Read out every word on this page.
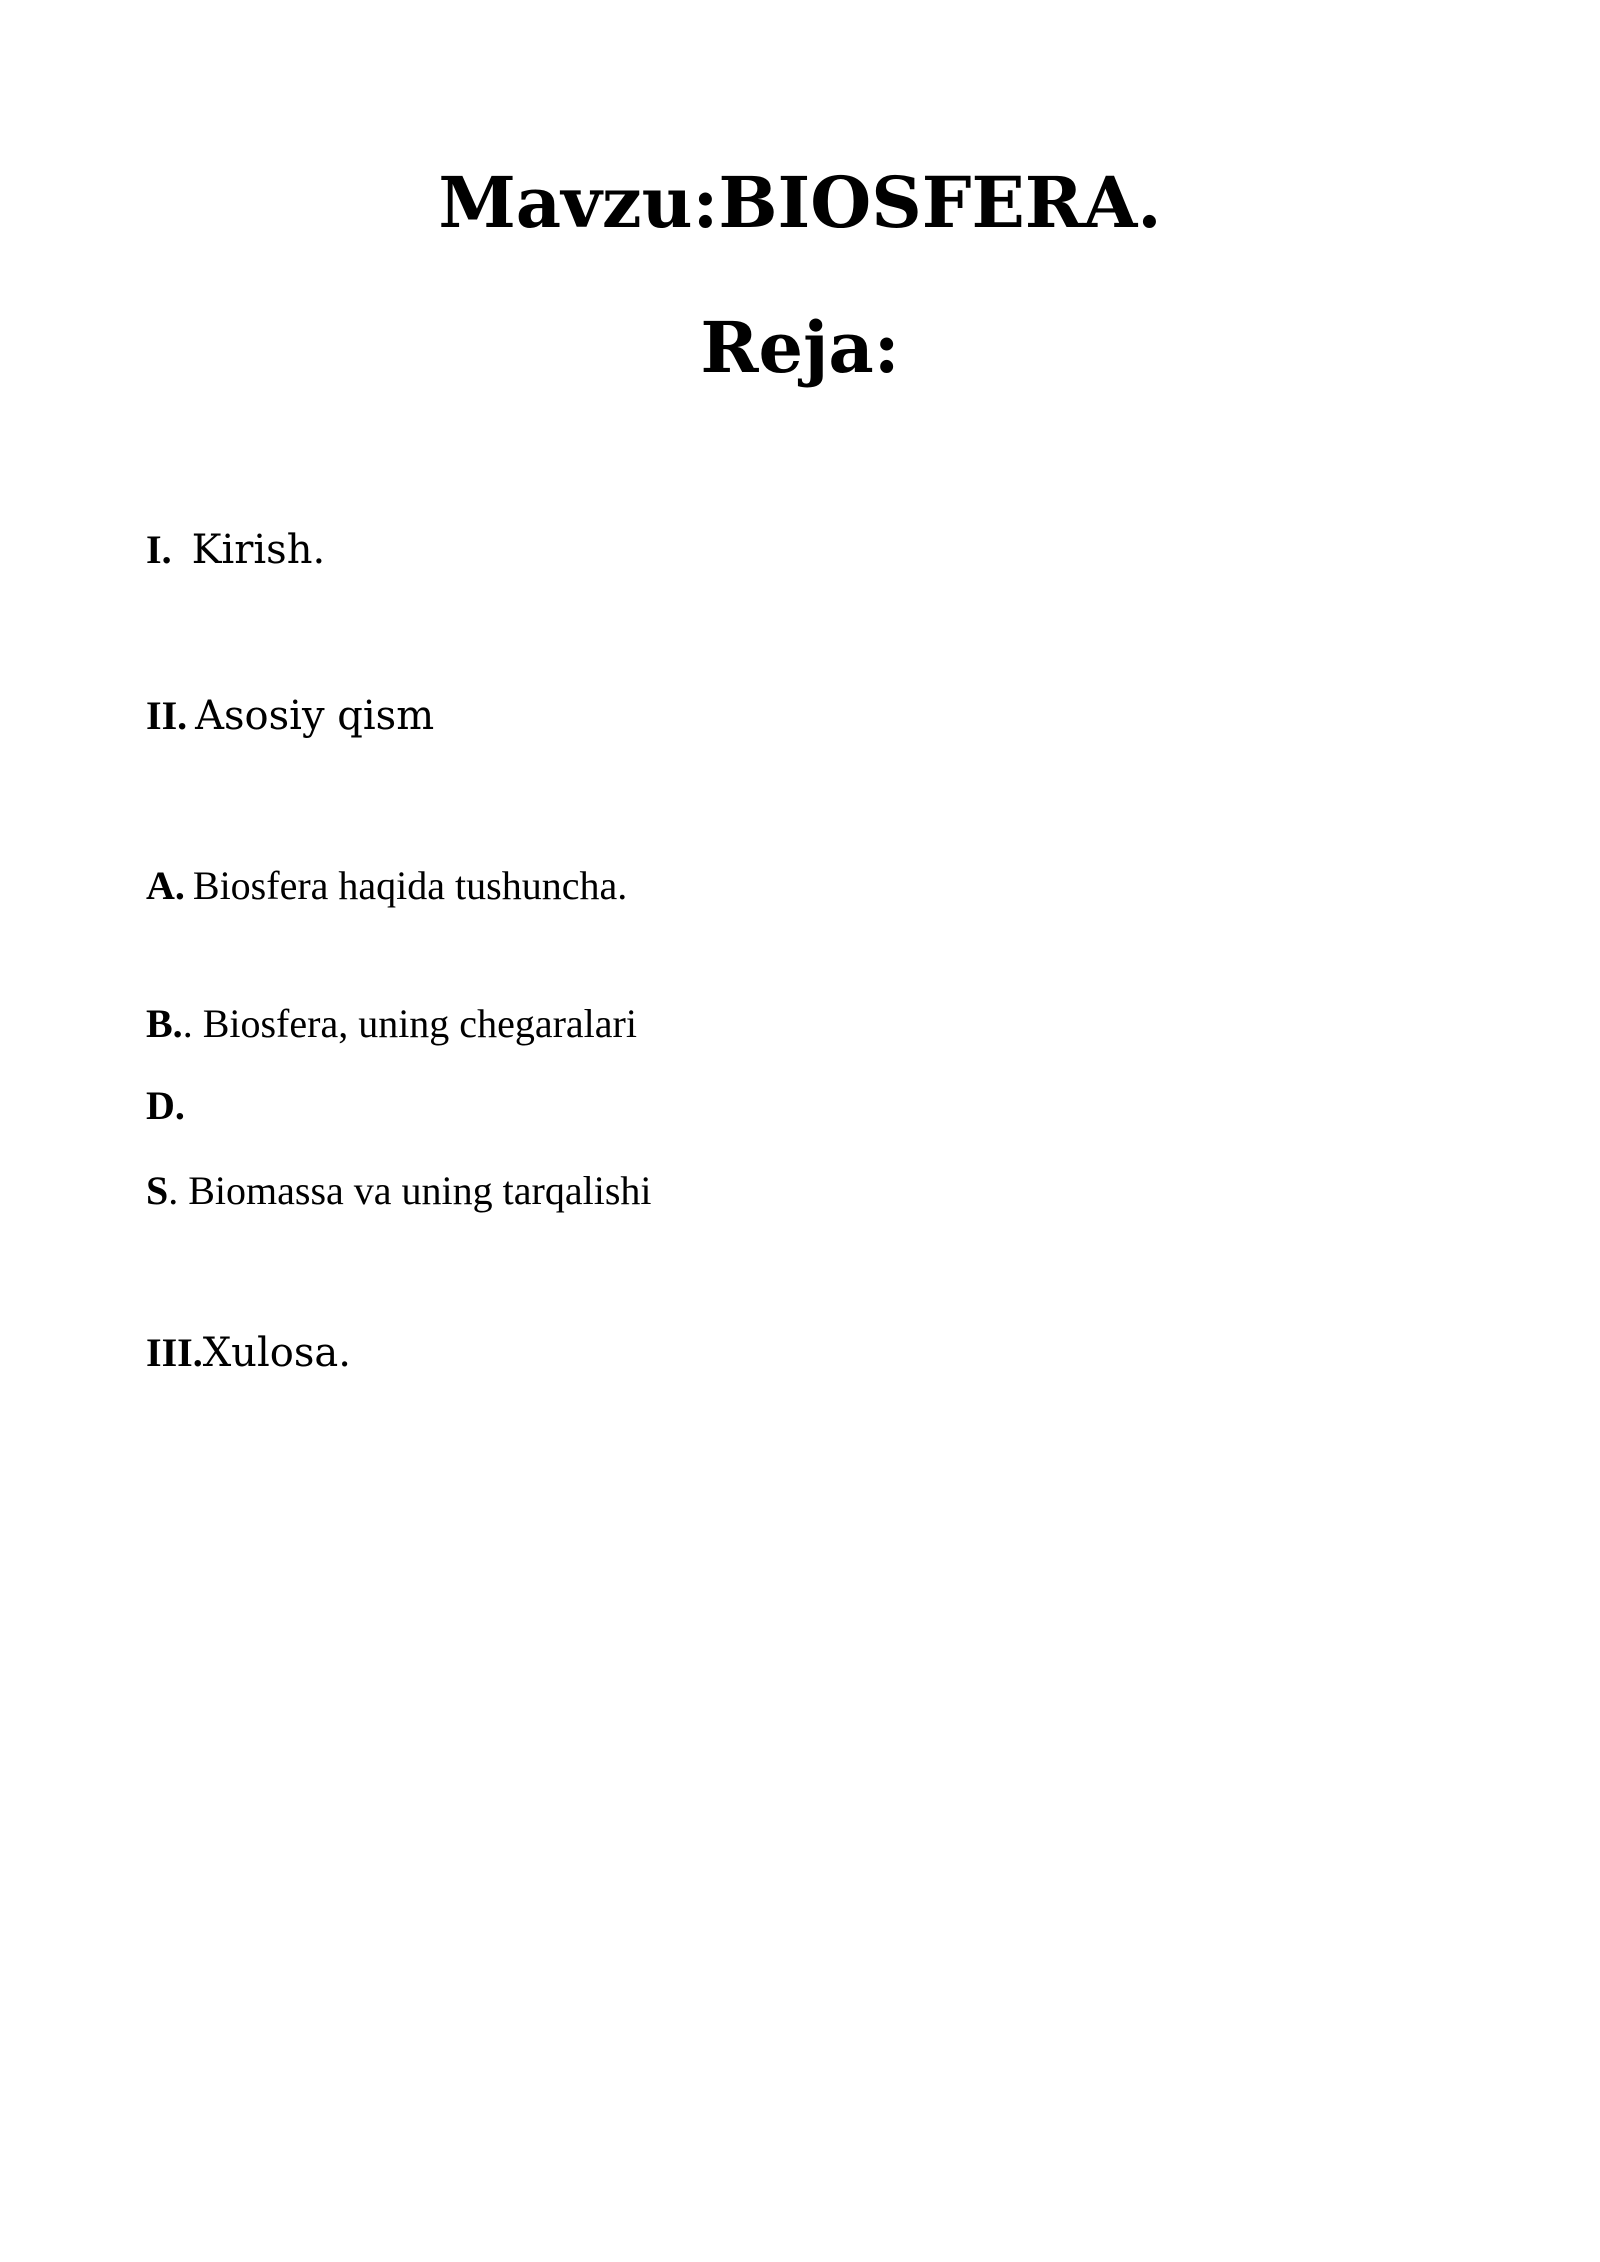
Mavzu:BIOSFERA.
Reja:
I. Kirish.
II. Asosiy qism
A. Biosfera haqida tushuncha.
B.. Biosfera, uning chegaralari
D.
S. Biomassa va uning tarqalishi
III.Xulosa.
